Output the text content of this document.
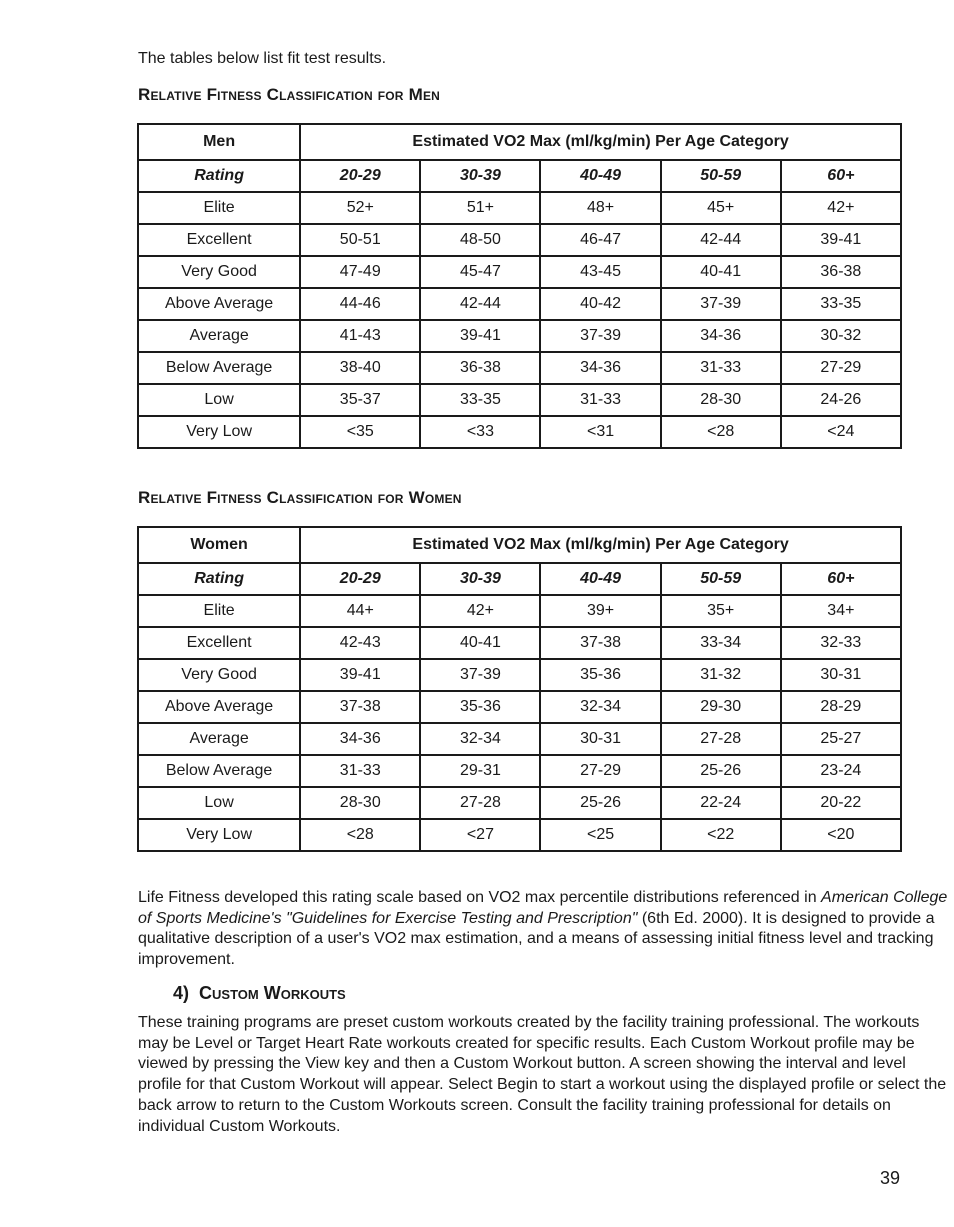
The tables below list fit test results.
Relative Fitness Classification for Men
Men	Estimated VO2 Max (ml/kg/min) Per Age Category				
Rating	20-29	30-39	40-49	50-59	60+
Elite	52+	51+	48+	45+	42+
Excellent	50-51	48-50	46-47	42-44	39-41
Very Good	47-49	45-47	43-45	40-41	36-38
Above Average	44-46	42-44	40-42	37-39	33-35
Average	41-43	39-41	37-39	34-36	30-32
Below Average	38-40	36-38	34-36	31-33	27-29
Low	35-37	33-35	31-33	28-30	24-26
Very Low	<35	<33	<31	<28	<24
Relative Fitness Classification for Women
Women	Estimated VO2 Max (ml/kg/min) Per Age Category				
Rating	20-29	30-39	40-49	50-59	60+
Elite	44+	42+	39+	35+	34+
Excellent	42-43	40-41	37-38	33-34	32-33
Very Good	39-41	37-39	35-36	31-32	30-31
Above Average	37-38	35-36	32-34	29-30	28-29
Average	34-36	32-34	30-31	27-28	25-27
Below Average	31-33	29-31	27-29	25-26	23-24
Low	28-30	27-28	25-26	22-24	20-22
Very Low	<28	<27	<25	<22	<20
Life Fitness developed this rating scale based on VO2 max percentile distributions referenced in American College of Sports Medicine's "Guidelines for Exercise Testing and Prescription" (6th Ed. 2000). It is designed to provide a qualitative description of a user's VO2 max estimation, and a means of assessing initial fitness level and tracking improvement.
4) Custom Workouts
These training programs are preset custom workouts created by the facility training professional. The workouts may be Level or Target Heart Rate workouts created for specific results. Each Custom Workout profile may be viewed by pressing the View key and then a Custom Workout button. A screen showing the interval and level profile for that Custom Workout will appear. Select Begin to start a workout using the displayed profile or select the back arrow to return to the Custom Workouts screen. Consult the facility training professional for details on individual Custom Workouts.
39
